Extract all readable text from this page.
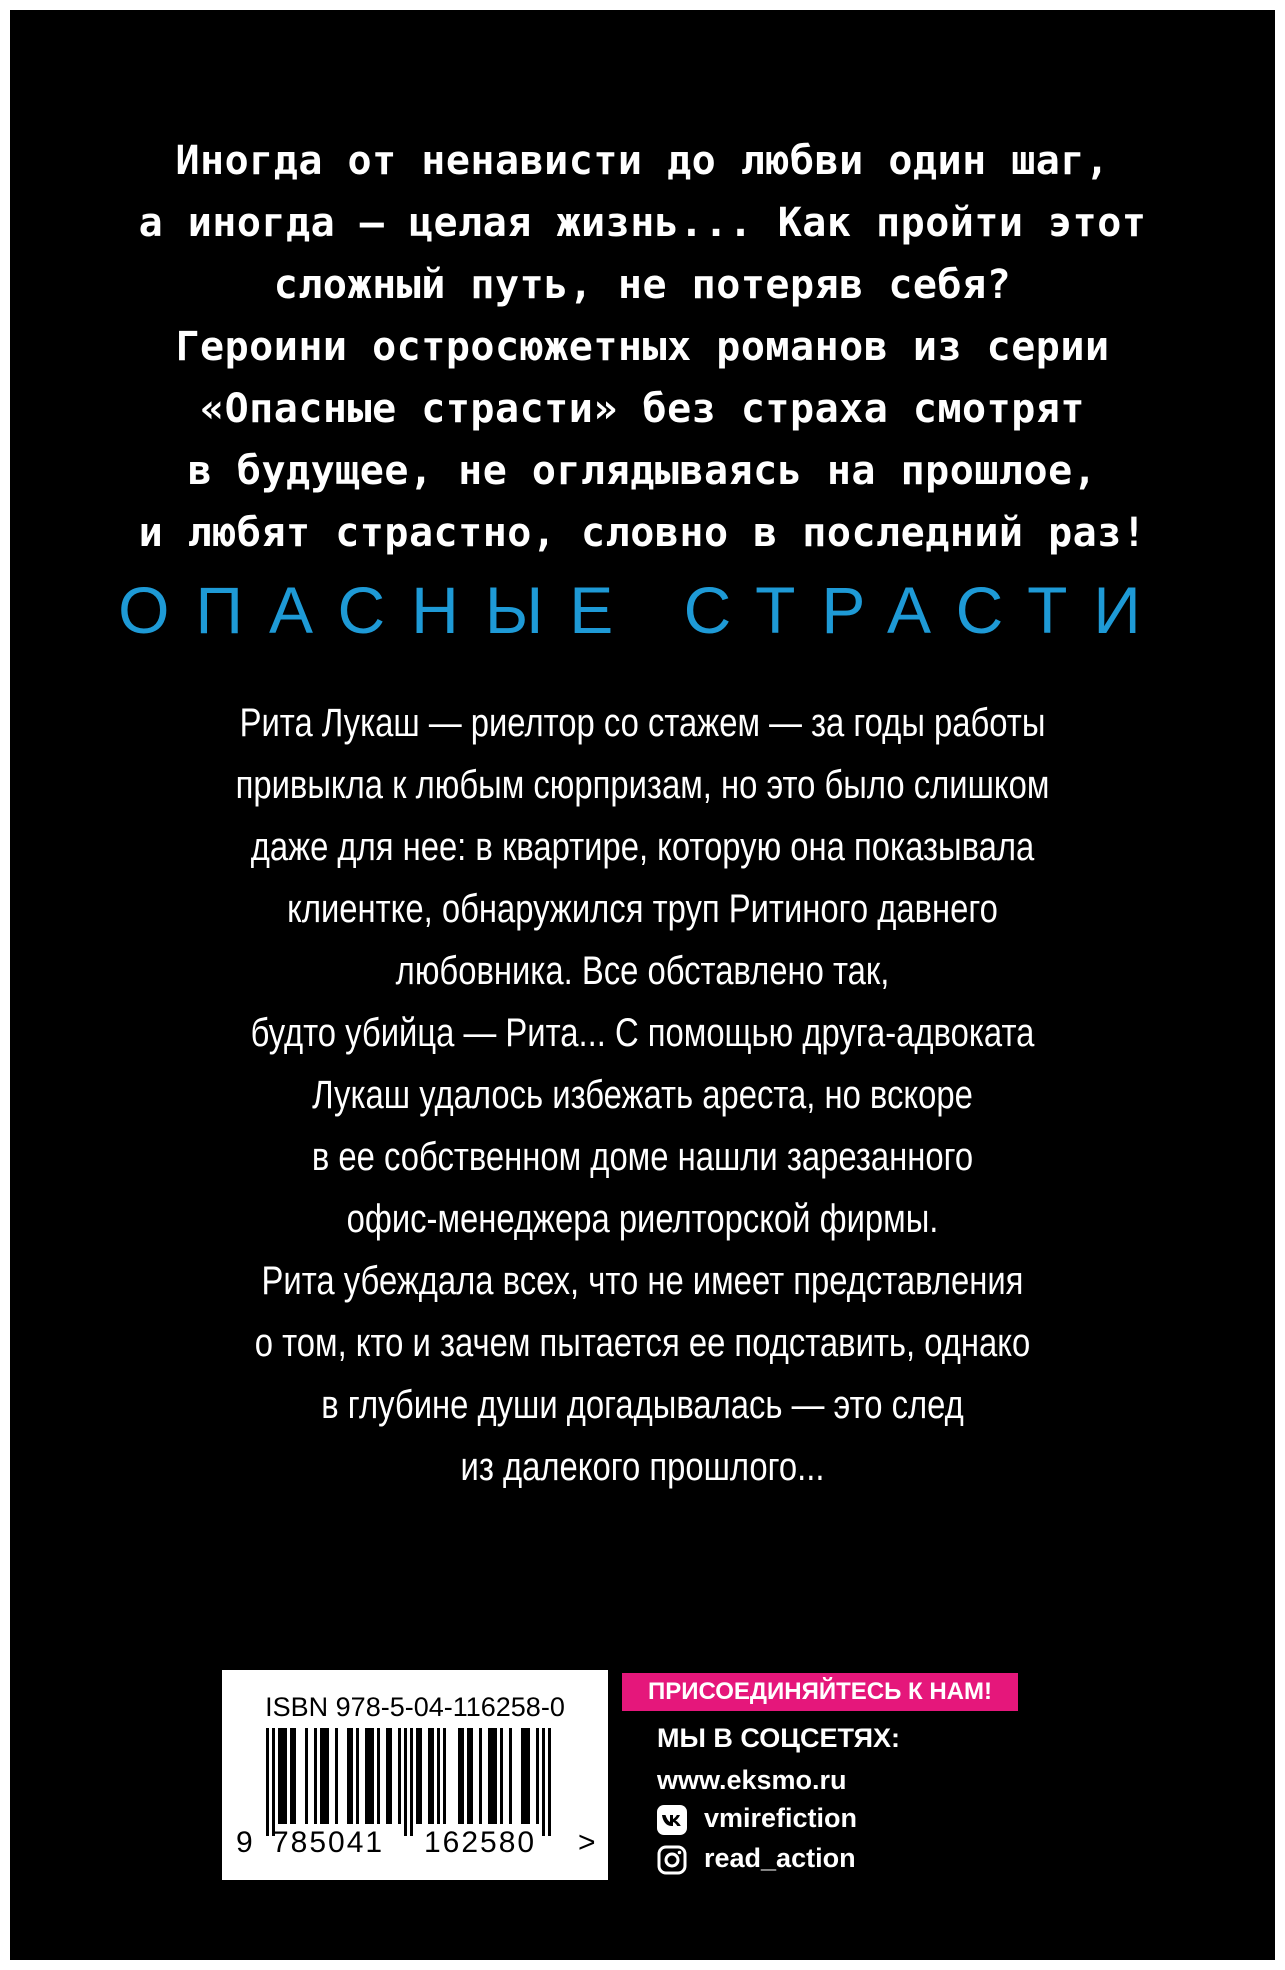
Иногда от ненависти до любви один шаг,
а иногда – целая жизнь... Как пройти этот
сложный путь, не потеряв себя?
Героини остросюжетных романов из серии
«Опасные страсти» без страха смотрят
в будущее, не оглядываясь на прошлое,
и любят страстно, словно в последний раз!
ОПАСНЫЕ СТРАСТИ
Рита Лукаш — риелтор со стажем — за годы работы
привыкла к любым сюрпризам, но это было слишком
даже для нее: в квартире, которую она показывала
клиентке, обнаружился труп Ритиного давнего
любовника. Все обставлено так,
будто убийца — Рита... С помощью друга-адвоката
Лукаш удалось избежать ареста, но вскоре
в ее собственном доме нашли зарезанного
офис-менеджера риелторской фирмы.
Рита убеждала всех, что не имеет представления
о том, кто и зачем пытается ее подставить, однако
в глубине души догадывалась — это след
из далекого прошлого...
ISBN 978-5-04-116258-0
9 785041 162580 >
ПРИСОЕДИНЯЙТЕСЬ К НАМ!
МЫ В СОЦСЕТЯХ:
www.eksmo.ru
vmirefiction
read_action
